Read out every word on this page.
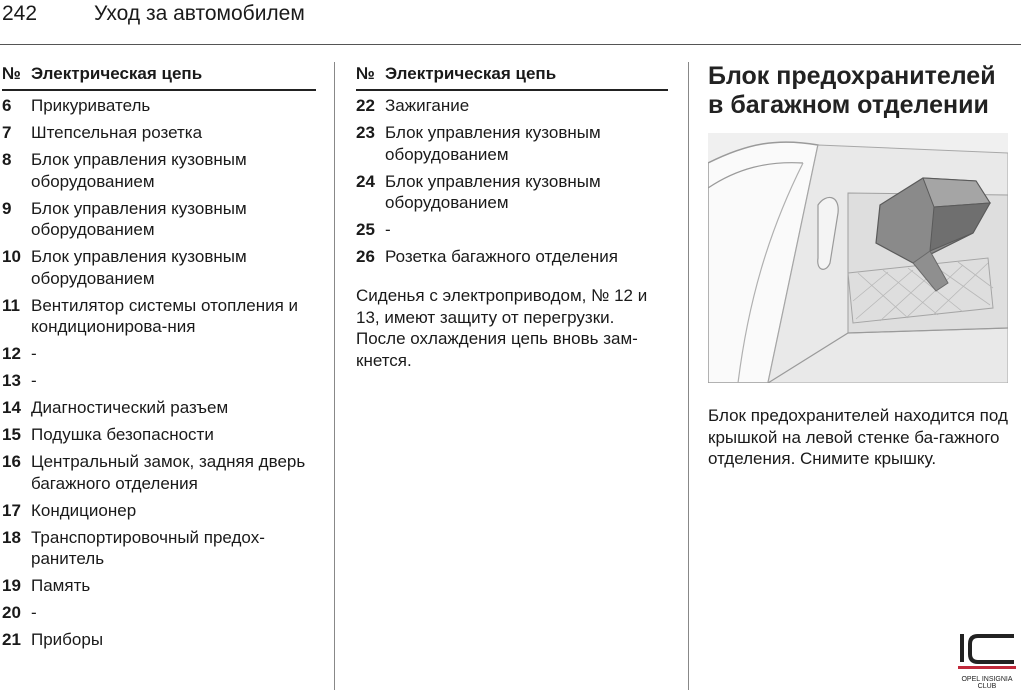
242	Уход за автомобилем
№ Электрическая цепь
6	Прикуриватель
7	Штепсельная розетка
8	Блок управления кузовным оборудованием
9	Блок управления кузовным оборудованием
10	Блок управления кузовным оборудованием
11	Вентилятор системы отопления и кондиционирова-ния
12	-
13	-
14	Диагностический разъем
15	Подушка безопасности
16	Центральный замок, задняя дверь багажного отделения
17	Кондиционер
18	Транспортировочный предох-ранитель
19	Память
20	-
21	Приборы
№ Электрическая цепь
22	Зажигание
23	Блок управления кузовным оборудованием
24	Блок управления кузовным оборудованием
25	-
26	Розетка багажного отделения

Сиденья с электроприводом, № 12 и 13, имеют защиту от перегрузки. После охлаждения цепь вновь зам-кнется.

Блок предохранителей в багажном отделении

Блок предохранителей находится под крышкой на левой стенке ба-гажного отделения. Снимите крышку.

OPEL INSIGNIA
CLUB
